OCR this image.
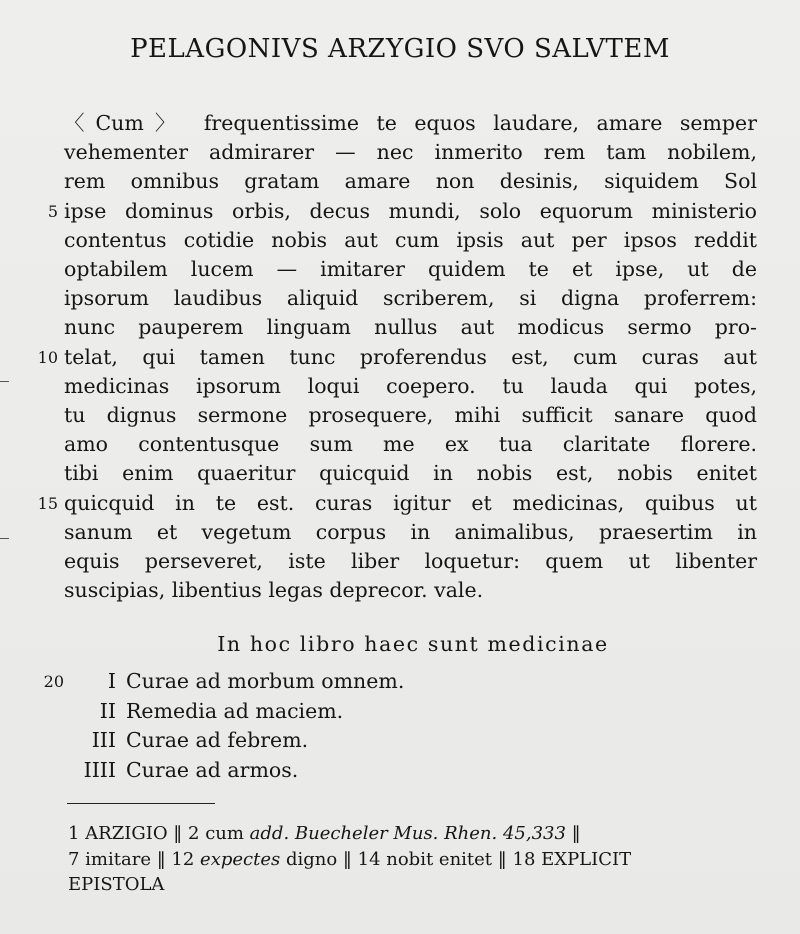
PELAGONIVS ARZYGIO SVO SALVTEM
〈Cum〉 frequentissime te equos laudare, amare semper
vehementer admirarer — nec inmerito rem tam nobilem,
rem omnibus gratam amare non desinis, siquidem Sol
ipse dominus orbis, decus mundi, solo equorum ministerio
5
contentus cotidie nobis aut cum ipsis aut per ipsos reddit
optabilem lucem — imitarer quidem te et ipse, ut de
ipsorum laudibus aliquid scriberem, si digna proferrem:
nunc pauperem linguam nullus aut modicus sermo pro-
telat, qui tamen tunc proferendus est, cum curas aut
10
medicinas ipsorum loqui coepero. tu lauda qui potes,
tu dignus sermone prosequere, mihi sufficit sanare quod
amo contentusque sum me ex tua claritate florere.
tibi enim quaeritur quicquid in nobis est, nobis enitet
quicquid in te est. curas igitur et medicinas, quibus ut
15
sanum et vegetum corpus in animalibus, praesertim in
equis perseveret, iste liber loquetur: quem ut libenter
suscipias, libentius legas deprecor. vale.
In hoc libro haec sunt medicinae
20	I Curae ad morbum omnem.
II Remedia ad maciem.
III Curae ad febrem.
IIII Curae ad armos.
1 ARZIGIO ‖ 2 cum add. Buecheler Mus. Rhen. 45,333 ‖
7 imitare ‖ 12 expectes digno ‖ 14 nobit enitet ‖ 18 EXPLICIT
EPISTOLA
